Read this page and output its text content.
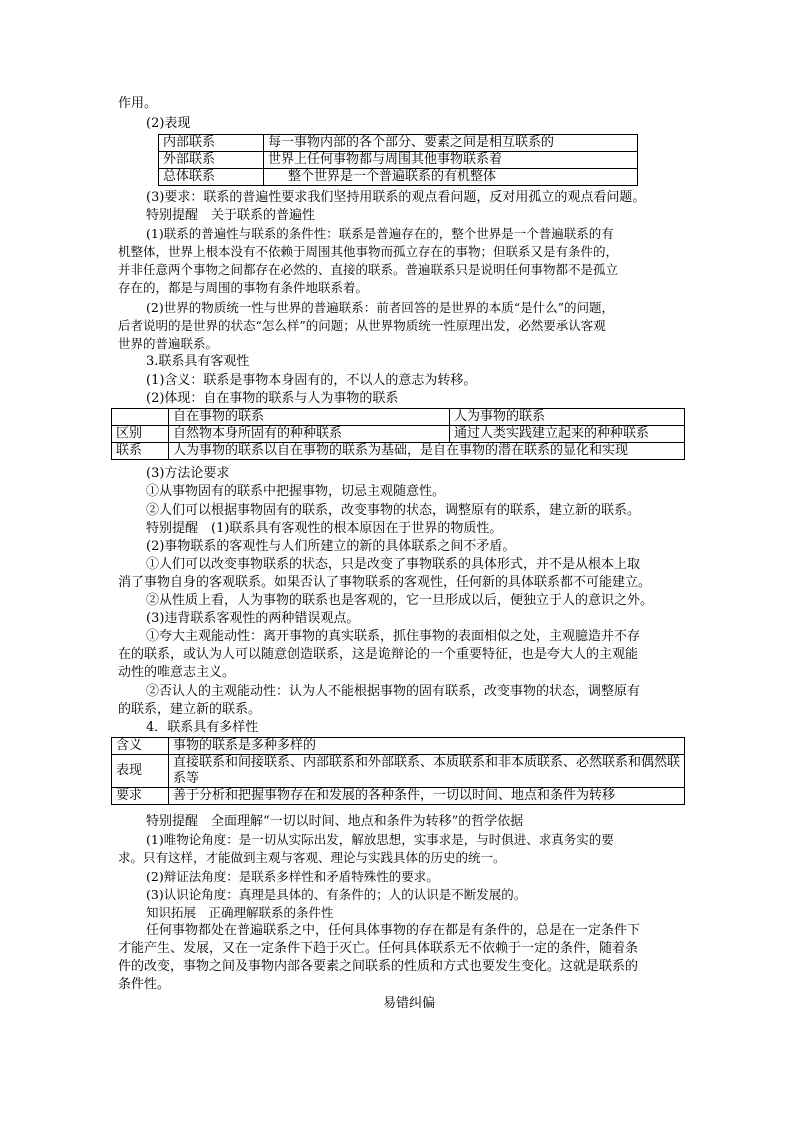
作用。
(2)表现
内部联系	每一事物内部的各个部分、要素之间是相互联系的
外部联系	世界上任何事物都与周围其他事物联系着
总体联系	整个世界是一个普遍联系的有机整体
(3)要求：联系的普遍性要求我们坚持用联系的观点看问题，反对用孤立的观点看问题。
特别提醒　关于联系的普遍性
(1)联系的普遍性与联系的条件性：联系是普遍存在的，整个世界是一个普遍联系的有
机整体，世界上根本没有不依赖于周围其他事物而孤立存在的事物；但联系又是有条件的，
并非任意两个事物之间都存在必然的、直接的联系。普遍联系只是说明任何事物都不是孤立
存在的，都是与周围的事物有条件地联系着。
(2)世界的物质统一性与世界的普遍联系：前者回答的是世界的本质“是什么”的问题，
后者说明的是世界的状态“怎么样”的问题；从世界物质统一性原理出发，必然要承认客观
世界的普遍联系。
3.联系具有客观性
(1)含义：联系是事物本身固有的，不以人的意志为转移。
(2)体现：自在事物的联系与人为事物的联系
	自在事物的联系	人为事物的联系
区别	自然物本身所固有的种种联系	通过人类实践建立起来的种种联系
联系	人为事物的联系以自在事物的联系为基础，是自在事物的潜在联系的显化和实现	
(3)方法论要求
①从事物固有的联系中把握事物，切忌主观随意性。
②人们可以根据事物固有的联系，改变事物的状态，调整原有的联系，建立新的联系。
特别提醒　(1)联系具有客观性的根本原因在于世界的物质性。
(2)事物联系的客观性与人们所建立的新的具体联系之间不矛盾。
①人们可以改变事物联系的状态，只是改变了事物联系的具体形式，并不是从根本上取
消了事物自身的客观联系。如果否认了事物联系的客观性，任何新的具体联系都不可能建立。
②从性质上看，人为事物的联系也是客观的，它一旦形成以后，便独立于人的意识之外。
(3)违背联系客观性的两种错误观点。
①夸大主观能动性：离开事物的真实联系，抓住事物的表面相似之处，主观臆造并不存
在的联系，或认为人可以随意创造联系，这是诡辩论的一个重要特征，也是夸大人的主观能
动性的唯意志主义。
②否认人的主观能动性：认为人不能根据事物的固有联系，改变事物的状态，调整原有
的联系，建立新的联系。
4．联系具有多样性
含义	事物的联系是多种多样的
表现	直接联系和间接联系、内部联系和外部联系、本质联系和非本质联系、必然联系和偶然联系等
要求	善于分析和把握事物存在和发展的各种条件，一切以时间、地点和条件为转移
特别提醒　全面理解“一切以时间、地点和条件为转移”的哲学依据
(1)唯物论角度：是一切从实际出发，解放思想，实事求是，与时俱进、求真务实的要
求。只有这样，才能做到主观与客观、理论与实践具体的历史的统一。
(2)辩证法角度：是联系多样性和矛盾特殊性的要求。
(3)认识论角度：真理是具体的、有条件的；人的认识是不断发展的。
知识拓展　正确理解联系的条件性
任何事物都处在普遍联系之中，任何具体事物的存在都是有条件的，总是在一定条件下
才能产生、发展，又在一定条件下趋于灭亡。任何具体联系无不依赖于一定的条件，随着条
件的改变，事物之间及事物内部各要素之间联系的性质和方式也要发生变化。这就是联系的
条件性。
易错纠偏
